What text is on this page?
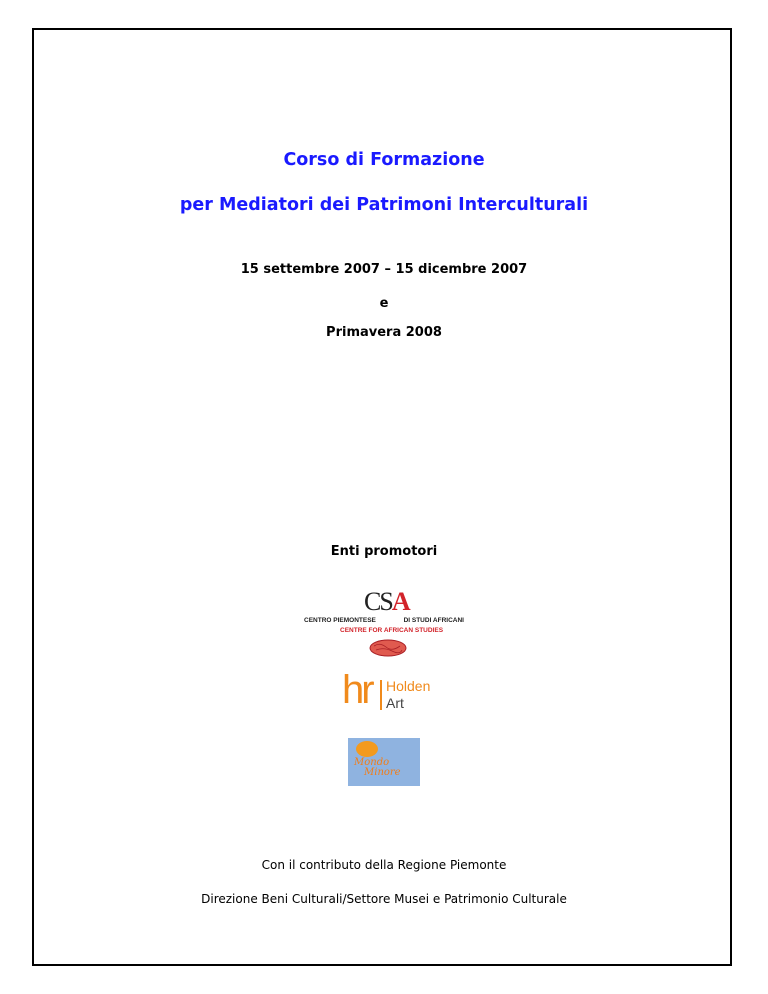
Corso di Formazione
per Mediatori dei Patrimoni Interculturali
15 settembre 2007 – 15 dicembre 2007
e
Primavera 2008
Enti promotori
CSA
CENTRO PIEMONTESE	DI STUDI AFRICANI
CENTRE FOR AFRICAN STUDIES
hr Holden
Art
Mondo
Minore
Con il contributo della Regione Piemonte
Direzione Beni Culturali/Settore Musei e Patrimonio Culturale
